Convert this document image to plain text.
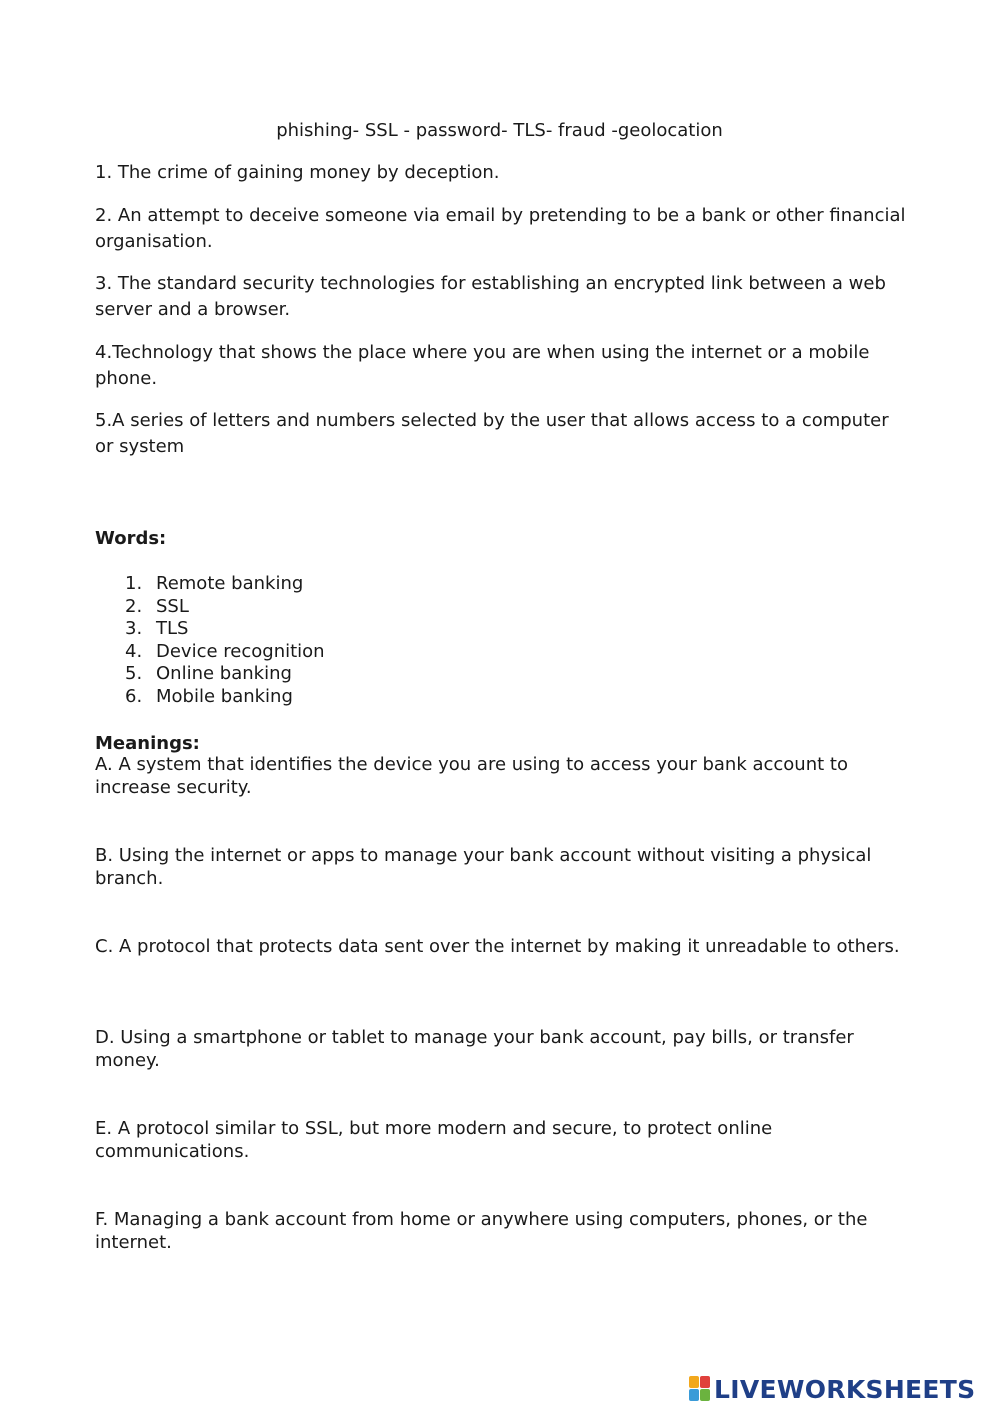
phishing- SSL - password- TLS- fraud -geolocation

1. The crime of gaining money by deception.

2. An attempt to deceive someone via email by pretending to be a bank or other financial organisation.

3. The standard security technologies for establishing an encrypted link between a web server and a browser.

4.Technology that shows the place where you are when using the internet or a mobile phone.

5.A series of letters and numbers selected by the user that allows access to a computer or system

Words:

1. Remote banking
2. SSL
3. TLS
4. Device recognition
5. Online banking
6. Mobile banking

Meanings:

A. A system that identifies the device you are using to access your bank account to increase security.

B. Using the internet or apps to manage your bank account without visiting a physical branch.

C. A protocol that protects data sent over the internet by making it unreadable to others.

D. Using a smartphone or tablet to manage your bank account, pay bills, or transfer money.

E. A protocol similar to SSL, but more modern and secure, to protect online communications.

F. Managing a bank account from home or anywhere using computers, phones, or the internet.

LIVEWORKSHEETS
